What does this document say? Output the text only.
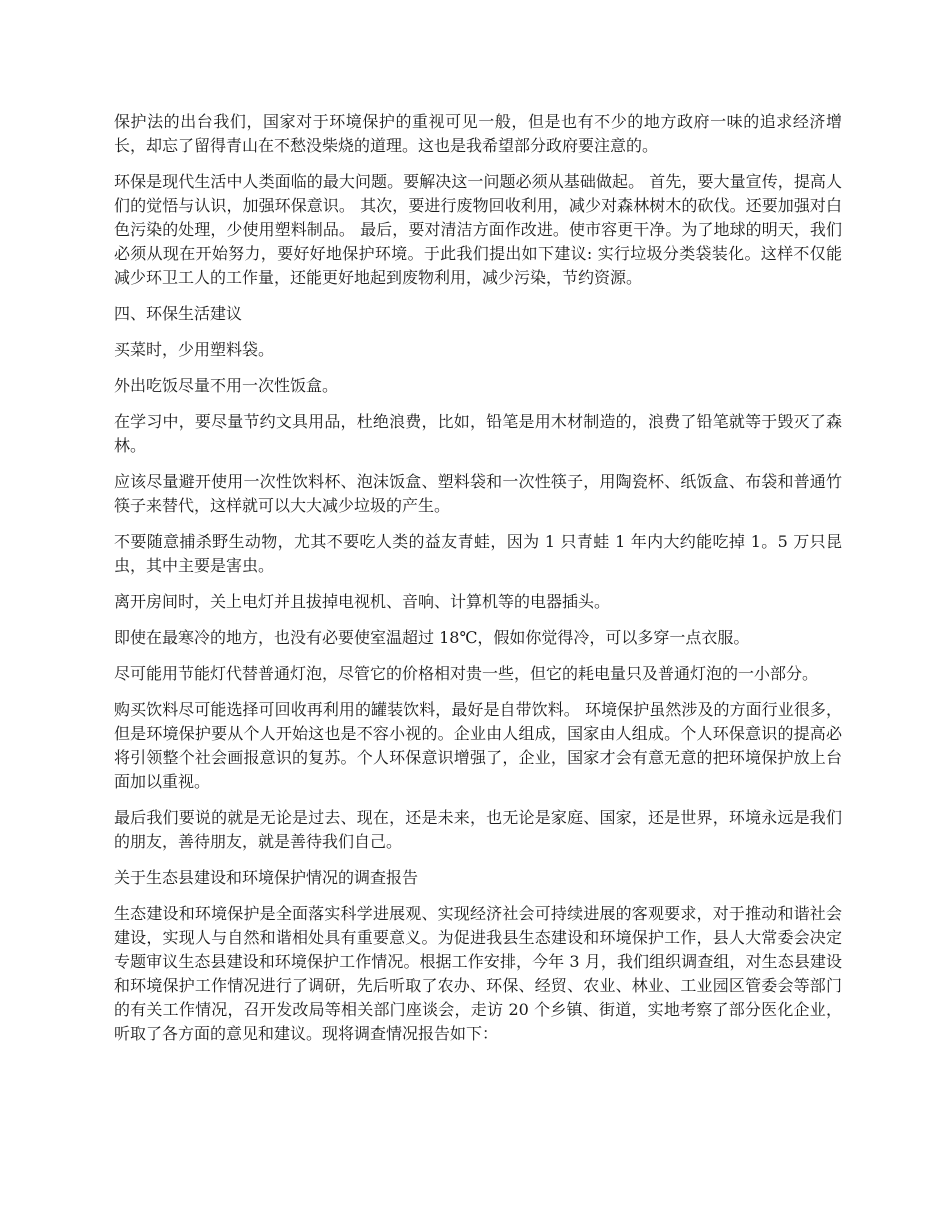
保护法的出台我们，国家对于环境保护的重视可见一般，但是也有不少的地方政府一味的追求经济增长，却忘了留得青山在不愁没柴烧的道理。这也是我希望部分政府要注意的。

环保是现代生活中人类面临的最大问题。要解决这一问题必须从基础做起。 首先，要大量宣传，提高人们的觉悟与认识，加强环保意识。 其次，要进行废物回收利用，减少对森林树木的砍伐。还要加强对白色污染的处理，少使用塑料制品。 最后，要对清洁方面作改进。使市容更干净。为了地球的明天，我们必须从现在开始努力，要好好地保护环境。于此我们提出如下建议: 实行垃圾分类袋装化。这样不仅能减少环卫工人的工作量，还能更好地起到废物利用，减少污染，节约资源。

四、环保生活建议

买菜时，少用塑料袋。

外出吃饭尽量不用一次性饭盒。

在学习中，要尽量节约文具用品，杜绝浪费，比如，铅笔是用木材制造的，浪费了铅笔就等于毁灭了森林。

应该尽量避开使用一次性饮料杯、泡沫饭盒、塑料袋和一次性筷子，用陶瓷杯、纸饭盒、布袋和普通竹筷子来替代，这样就可以大大减少垃圾的产生。

不要随意捕杀野生动物，尤其不要吃人类的益友青蛙，因为 1 只青蛙 1 年内大约能吃掉 1。5 万只昆虫，其中主要是害虫。

离开房间时，关上电灯并且拔掉电视机、音响、计算机等的电器插头。

即使在最寒冷的地方，也没有必要使室温超过 18℃，假如你觉得冷，可以多穿一点衣服。

尽可能用节能灯代替普通灯泡，尽管它的价格相对贵一些，但它的耗电量只及普通灯泡的一小部分。

购买饮料尽可能选择可回收再利用的罐装饮料，最好是自带饮料。 环境保护虽然涉及的方面行业很多，但是环境保护要从个人开始这也是不容小视的。企业由人组成，国家由人组成。个人环保意识的提高必将引领整个社会画报意识的复苏。个人环保意识增强了，企业，国家才会有意无意的把环境保护放上台面加以重视。

最后我们要说的就是无论是过去、现在，还是未来，也无论是家庭、国家，还是世界，环境永远是我们的朋友，善待朋友，就是善待我们自己。

关于生态县建设和环境保护情况的调查报告

生态建设和环境保护是全面落实科学进展观、实现经济社会可持续进展的客观要求，对于推动和谐社会建设，实现人与自然和谐相处具有重要意义。为促进我县生态建设和环境保护工作，县人大常委会决定专题审议生态县建设和环境保护工作情况。根据工作安排，今年 3 月，我们组织调查组，对生态县建设和环境保护工作情况进行了调研，先后听取了农办、环保、经贸、农业、林业、工业园区管委会等部门的有关工作情况，召开发改局等相关部门座谈会，走访 20 个乡镇、街道，实地考察了部分医化企业，听取了各方面的意见和建议。现将调查情况报告如下：
